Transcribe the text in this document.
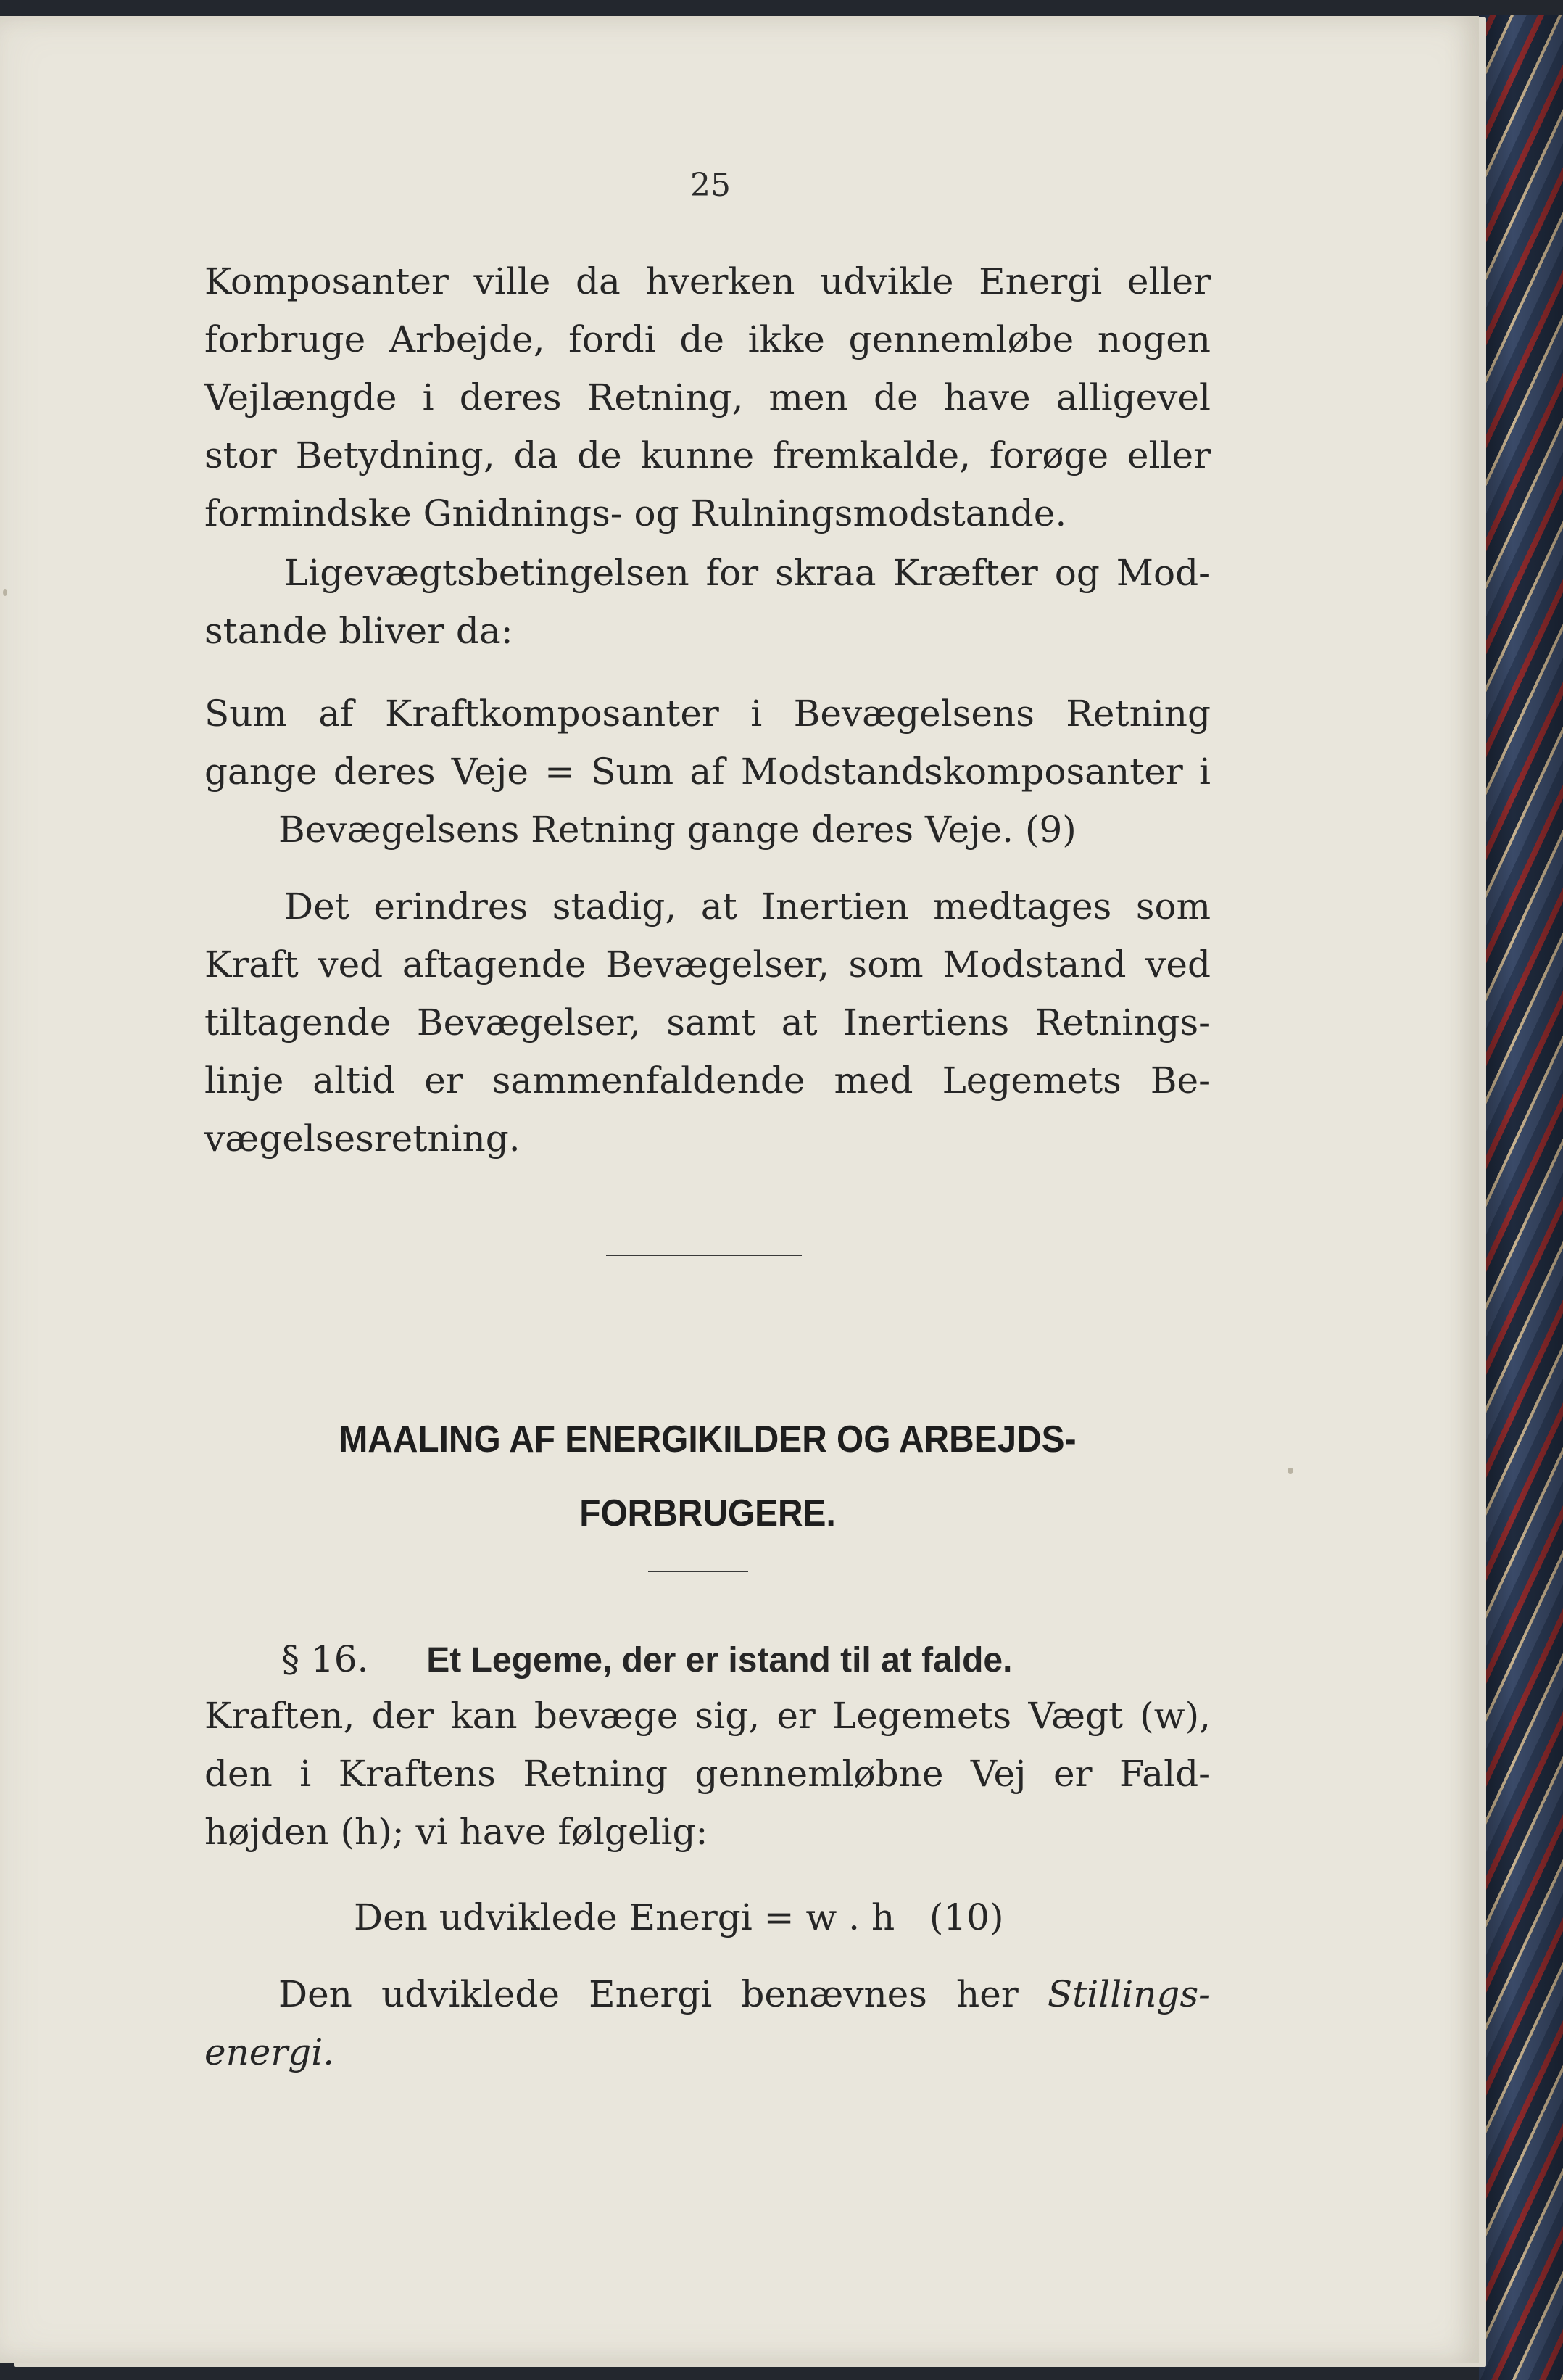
25
Komposanter ville da hverken udvikle Energi eller
forbruge Arbejde, fordi de ikke gennemløbe nogen
Vejlængde i deres Retning, men de have alligevel
stor Betydning, da de kunne fremkalde, forøge eller
formindske Gnidnings- og Rulningsmodstande.
Ligevægtsbetingelsen for skraa Kræfter og Mod-
stande bliver da:
Sum af Kraftkomposanter i Bevægelsens Retning
gange deres Veje = Sum af Modstandskomposanter i
Bevægelsens Retning gange deres Veje. (9)
Det erindres stadig, at Inertien medtages som
Kraft ved aftagende Bevægelser, som Modstand ved
tiltagende Bevægelser, samt at Inertiens Retnings-
linje altid er sammenfaldende med Legemets Be-
vægelsesretning.
MAALING AF ENERGIKILDER OG ARBEJDS-
FORBRUGERE.
§ 16. Et Legeme, der er istand til at falde.
Kraften, der kan bevæge sig, er Legemets Vægt (w),
den i Kraftens Retning gennemløbne Vej er Fald-
højden (h); vi have følgelig:
Den udviklede Energi = w . h   (10)
Den udviklede Energi benævnes her Stillings-
energi.
